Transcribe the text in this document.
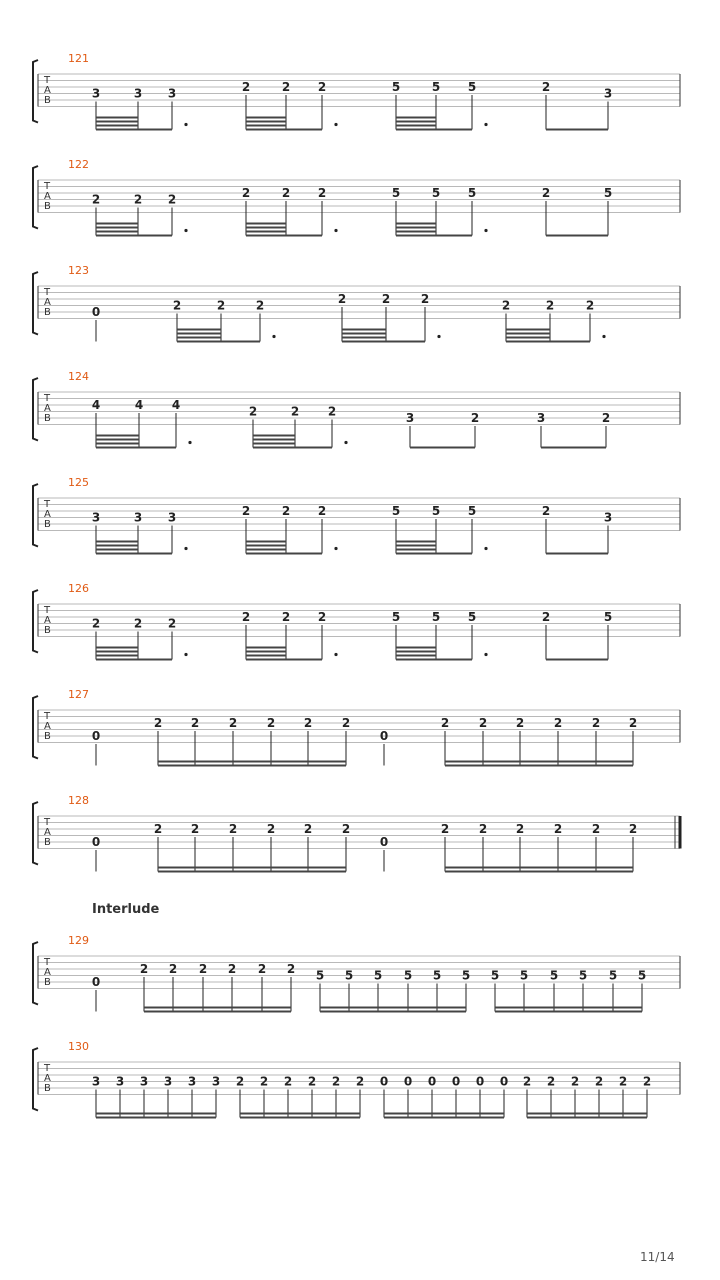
121
T
A
B	3	3 3	2	2 2	5	5 5	2	3
122
T
A
B	2	2 2	2	2 2	5	5 5	2	5
123
T
A
B	0	2	2	2	2	2	2	2	2	2
124
T
A
B
4	4 4	2	2 2	3	2	3	2
125
T
A
B	3	3 3	2	2 2	5	5 5	2	3
126
T
A
B	2	2 2	2	2 2	5	5 5	2	5
127
T
A
B	0
2 2 2 2 2 2
0
2 2 2 2 2 2
128
T
A
B	0
2 2 2 2 2 2
0
2 2 2 2 2 2
129
T
A
B	0
2 2 2 2 2 2 5 5 5 5 5 5 5 5 5 5 5 5
130
T
A
B	3 3 3 3 3 3 2 2 2 2 2 2 0 0 0 0 0 0 2 2 2 2 2 2
Interlude
11/14
